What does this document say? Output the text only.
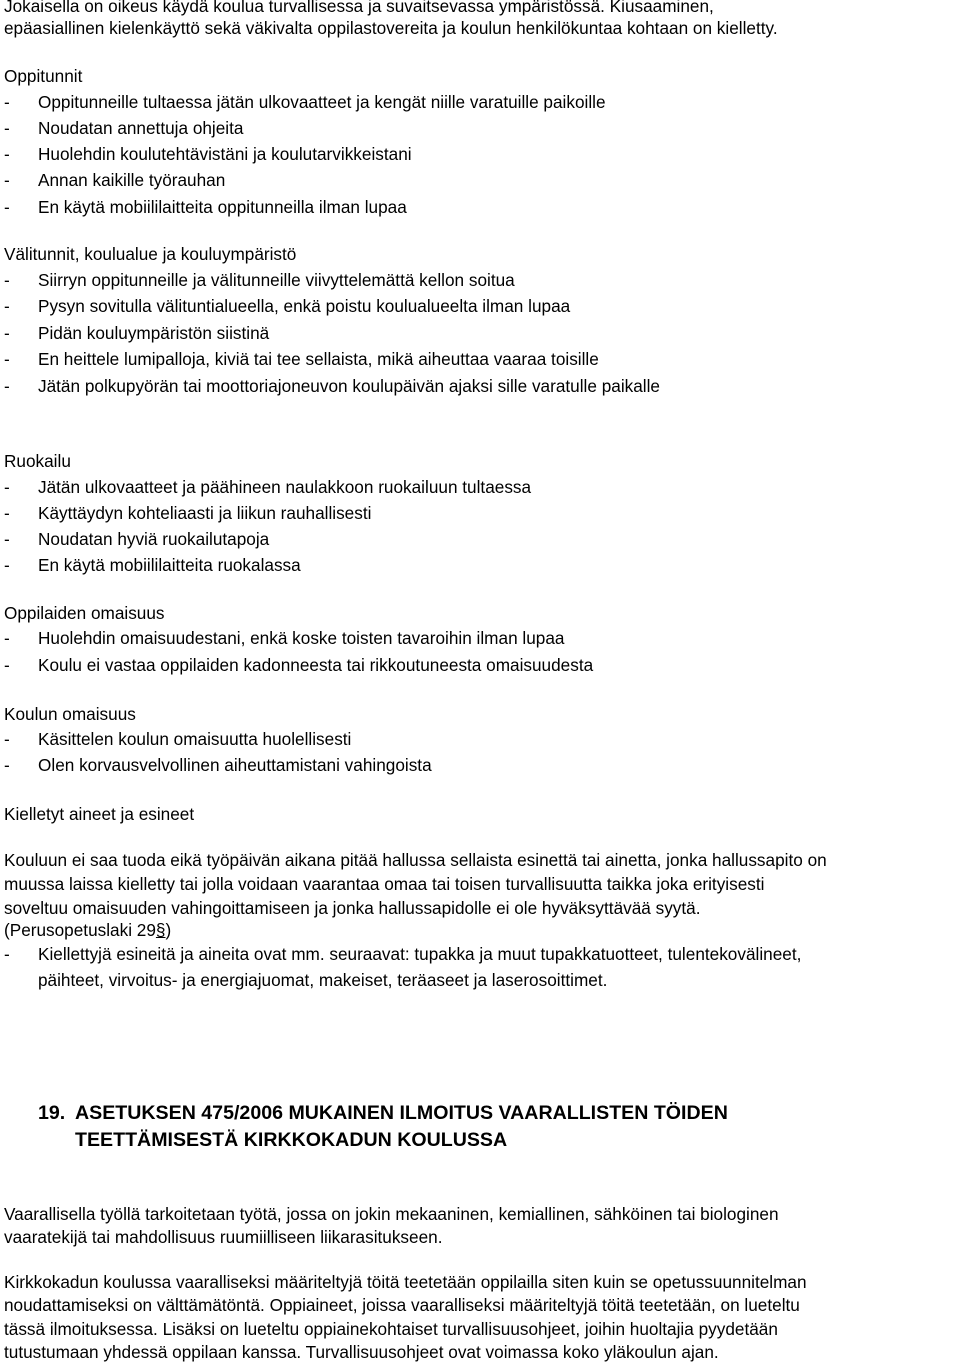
Jokaisella on oikeus käydä koulua turvallisessa ja suvaitsevassa ympäristössä. Kiusaaminen,
epäasiallinen kielenkäyttö sekä väkivalta oppilastovereita ja koulun henkilökuntaa kohtaan on kielletty.
Oppitunnit
- Oppitunneille tultaessa jätän ulkovaatteet ja kengät niille varatuille paikoille
- Noudatan annettuja ohjeita
- Huolehdin koulutehtävistäni ja koulutarvikkeistani
- Annan kaikille työrauhan
- En käytä mobiililaitteita oppitunneilla ilman lupaa
Välitunnit, koulualue ja kouluympäristö
- Siirryn oppitunneille ja välitunneille viivyttelemättä kellon soitua
- Pysyn sovitulla välituntialueella, enkä poistu koulualueelta ilman lupaa
- Pidän kouluympäristön siistinä
- En heittele lumipalloja, kiviä tai tee sellaista, mikä aiheuttaa vaaraa toisille
- Jätän polkupyörän tai moottoriajoneuvon koulupäivän ajaksi sille varatulle paikalle
Ruokailu
- Jätän ulkovaatteet ja päähineen naulakkoon ruokailuun tultaessa
- Käyttäydyn kohteliaasti ja liikun rauhallisesti
- Noudatan hyviä ruokailutapoja
- En käytä mobiililaitteita ruokalassa
Oppilaiden omaisuus
- Huolehdin omaisuudestani, enkä koske toisten tavaroihin ilman lupaa
- Koulu ei vastaa oppilaiden kadonneesta tai rikkoutuneesta omaisuudesta
Koulun omaisuus
- Käsittelen koulun omaisuutta huolellisesti
- Olen korvausvelvollinen aiheuttamistani vahingoista
Kielletyt aineet ja esineet
Kouluun ei saa tuoda eikä työpäivän aikana pitää hallussa sellaista esinettä tai ainetta, jonka hallussapito on
muussa laissa kielletty tai jolla voidaan vaarantaa omaa tai toisen turvallisuutta taikka joka erityisesti
soveltuu omaisuuden vahingoittamiseen ja jonka hallussapidolle ei ole hyväksyttävää syytä.
(Perusopetuslaki 29§)
- Kiellettyjä esineitä ja aineita ovat mm. seuraavat: tupakka ja muut tupakkatuotteet, tulentekovälineet,
päihteet, virvoitus- ja energiajuomat, makeiset, teräaseet ja laserosoittimet.
19. ASETUKSEN 475/2006 MUKAINEN ILMOITUS VAARALLISTEN TÖIDEN
TEETTÄMISESTÄ KIRKKOKADUN KOULUSSA
Vaarallisella työllä tarkoitetaan työtä, jossa on jokin mekaaninen, kemiallinen, sähköinen tai biologinen
vaaratekijä tai mahdollisuus ruumiilliseen liikarasitukseen.
Kirkkokadun koulussa vaaralliseksi määriteltyjä töitä teetetään oppilailla siten kuin se opetussuunnitelman
noudattamiseksi on välttämätöntä. Oppiaineet, joissa vaaralliseksi määriteltyjä töitä teetetään, on lueteltu
tässä ilmoituksessa. Lisäksi on lueteltu oppiainekohtaiset turvallisuusohjeet, joihin huoltajia pyydetään
tutustumaan yhdessä oppilaan kanssa. Turvallisuusohjeet ovat voimassa koko yläkoulun ajan.
